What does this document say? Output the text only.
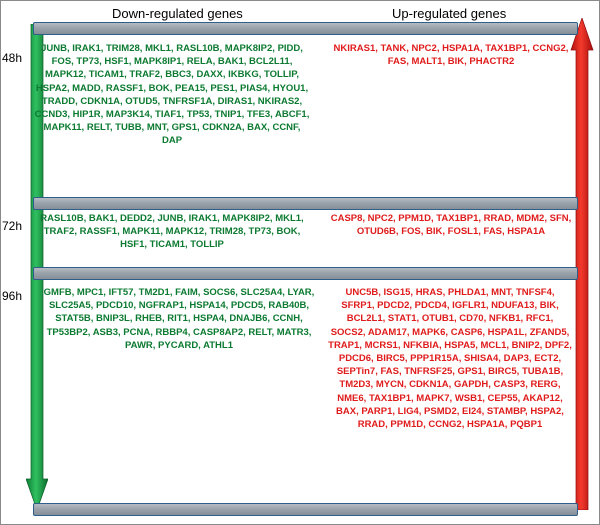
Down-regulated genes	Up-regulated genes
48h
72h
96h
JUNB, IRAK1, TRIM28, MKL1, RASL10B, MAPK8IP2, PIDD, FOS, TP73, HSF1, MAPK8IP1, RELA, BAK1, BCL2L11, MAPK12, TICAM1, TRAF2, BBC3, DAXX, IKBKG, TOLLIP, HSPA2, MADD, RASSF1, BOK, PEA15, PES1, PIAS4, HYOU1, TRADD, CDKN1A, OTUD5, TNFRSF1A, DIRAS1, NKIRAS2, CCND3, HIP1R, MAP3K14, TIAF1, TP53, TNIP1, TFE3, ABCF1, MAPK11, RELT, TUBB, MNT, GPS1, CDKN2A, BAX, CCNF, DAP
NKIRAS1, TANK, NPC2, HSPA1A, TAX1BP1, CCNG2, FAS, MALT1, BIK, PHACTR2
RASL10B, BAK1, DEDD2, JUNB, IRAK1, MAPK8IP2, MKL1, TRAF2, RASSF1, MAPK11, MAPK12, TRIM28, TP73, BOK, HSF1, TICAM1, TOLLIP
CASP8, NPC2, PPM1D, TAX1BP1, RRAD, MDM2, SFN, OTUD6B, FOS, BIK, FOSL1, FAS, HSPA1A
GMFB, MPC1, IFT57, TM2D1, FAIM, SOCS6, SLC25A4, LYAR, SLC25A5, PDCD10, NGFRAP1, HSPA14, PDCD5, RAB40B, STAT5B, BNIP3L, RHEB, RIT1, HSPA4, DNAJB6, CCNH, TP53BP2, ASB3, PCNA, RBBP4, CASP8AP2, RELT, MATR3, PAWR, PYCARD, ATHL1
UNC5B, ISG15, HRAS, PHLDA1, MNT, TNFSF4, SFRP1, PDCD2, PDCD4, IGFLR1, NDUFA13, BIK, BCL2L1, STAT1, OTUB1, CD70, NFKB1, RFC1, SOCS2, ADAM17, MAPK6, CASP6, HSPA1L, ZFAND5, TRAP1, MCRS1, NFKBIA, HSPA5, MCL1, BNIP2, DPF2, PDCD6, BIRC5, PPP1R15A, SHISA4, DAP3, ECT2, SEPTin7, FAS, TNFRSF25, GPS1, BIRC5, TUBA1B, TM2D3, MYCN, CDKN1A, GAPDH, CASP3, RERG, NME6, TAX1BP1, MAPK7, WSB1, CEP55, AKAP12, BAX, PARP1, LIG4, PSMD2, EI24, STAMBP, HSPA2, RRAD, PPM1D, CCNG2, HSPA1A, PQBP1
